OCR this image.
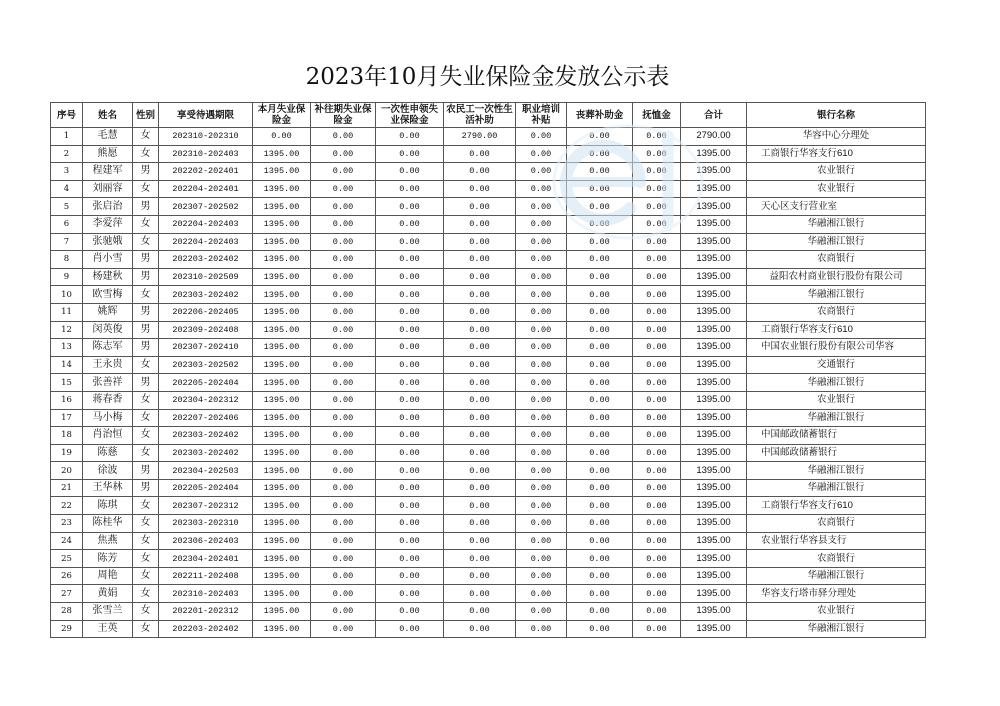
2023年10月失业保险金发放公示表
序号	姓名	性别	享受待遇期限	本月失业保险金	补往期失业保险金	一次性申领失业保险金	农民工一次性生活补助	职业培训补贴	丧葬补助金	抚恤金	合计	银行名称
1	毛慧	女	202310-202310	0.00	0.00	0.00	2790.00	0.00	0.00	0.00	2790.00	华容中心分理处
2	熊愿	女	202310-202403	1395.00	0.00	0.00	0.00	0.00	0.00	0.00	1395.00	工商银行华容支行610
3	程建军	男	202202-202401	1395.00	0.00	0.00	0.00	0.00	0.00	0.00	1395.00	农业银行
4	刘丽容	女	202204-202401	1395.00	0.00	0.00	0.00	0.00	0.00	0.00	1395.00	农业银行
5	张启治	男	202307-202502	1395.00	0.00	0.00	0.00	0.00	0.00	0.00	1395.00	天心区支行营业室
6	李爱萍	女	202204-202403	1395.00	0.00	0.00	0.00	0.00	0.00	0.00	1395.00	华融湘江银行
7	张驰娥	女	202204-202403	1395.00	0.00	0.00	0.00	0.00	0.00	0.00	1395.00	华融湘江银行
8	肖小雪	男	202203-202402	1395.00	0.00	0.00	0.00	0.00	0.00	0.00	1395.00	农商银行
9	杨建秋	男	202310-202509	1395.00	0.00	0.00	0.00	0.00	0.00	0.00	1395.00	益阳农村商业银行股份有限公司
10	欧雪梅	女	202303-202402	1395.00	0.00	0.00	0.00	0.00	0.00	0.00	1395.00	华融湘江银行
11	姚辉	男	202206-202405	1395.00	0.00	0.00	0.00	0.00	0.00	0.00	1395.00	农商银行
12	闵英俊	男	202309-202408	1395.00	0.00	0.00	0.00	0.00	0.00	0.00	1395.00	工商银行华容支行610
13	陈志军	男	202307-202410	1395.00	0.00	0.00	0.00	0.00	0.00	0.00	1395.00	中国农业银行股份有限公司华容
14	王永贵	女	202303-202502	1395.00	0.00	0.00	0.00	0.00	0.00	0.00	1395.00	交通银行
15	张善祥	男	202205-202404	1395.00	0.00	0.00	0.00	0.00	0.00	0.00	1395.00	华融湘江银行
16	蒋春香	女	202304-202312	1395.00	0.00	0.00	0.00	0.00	0.00	0.00	1395.00	农业银行
17	马小梅	女	202207-202406	1395.00	0.00	0.00	0.00	0.00	0.00	0.00	1395.00	华融湘江银行
18	肖治恒	女	202303-202402	1395.00	0.00	0.00	0.00	0.00	0.00	0.00	1395.00	中国邮政储蓄银行
19	陈慈	女	202303-202402	1395.00	0.00	0.00	0.00	0.00	0.00	0.00	1395.00	中国邮政储蓄银行
20	徐波	男	202304-202503	1395.00	0.00	0.00	0.00	0.00	0.00	0.00	1395.00	华融湘江银行
21	王华林	男	202205-202404	1395.00	0.00	0.00	0.00	0.00	0.00	0.00	1395.00	华融湘江银行
22	陈琪	女	202307-202312	1395.00	0.00	0.00	0.00	0.00	0.00	0.00	1395.00	工商银行华容支行610
23	陈桂华	女	202303-202310	1395.00	0.00	0.00	0.00	0.00	0.00	0.00	1395.00	农商银行
24	焦燕	女	202306-202403	1395.00	0.00	0.00	0.00	0.00	0.00	0.00	1395.00	农业银行华容县支行
25	陈芳	女	202304-202401	1395.00	0.00	0.00	0.00	0.00	0.00	0.00	1395.00	农商银行
26	周艳	女	202211-202408	1395.00	0.00	0.00	0.00	0.00	0.00	0.00	1395.00	华融湘江银行
27	黄娟	女	202310-202403	1395.00	0.00	0.00	0.00	0.00	0.00	0.00	1395.00	华容支行塔市驿分理处
28	张雪兰	女	202201-202312	1395.00	0.00	0.00	0.00	0.00	0.00	0.00	1395.00	农业银行
29	王英	女	202203-202402	1395.00	0.00	0.00	0.00	0.00	0.00	0.00	1395.00	华融湘江银行
